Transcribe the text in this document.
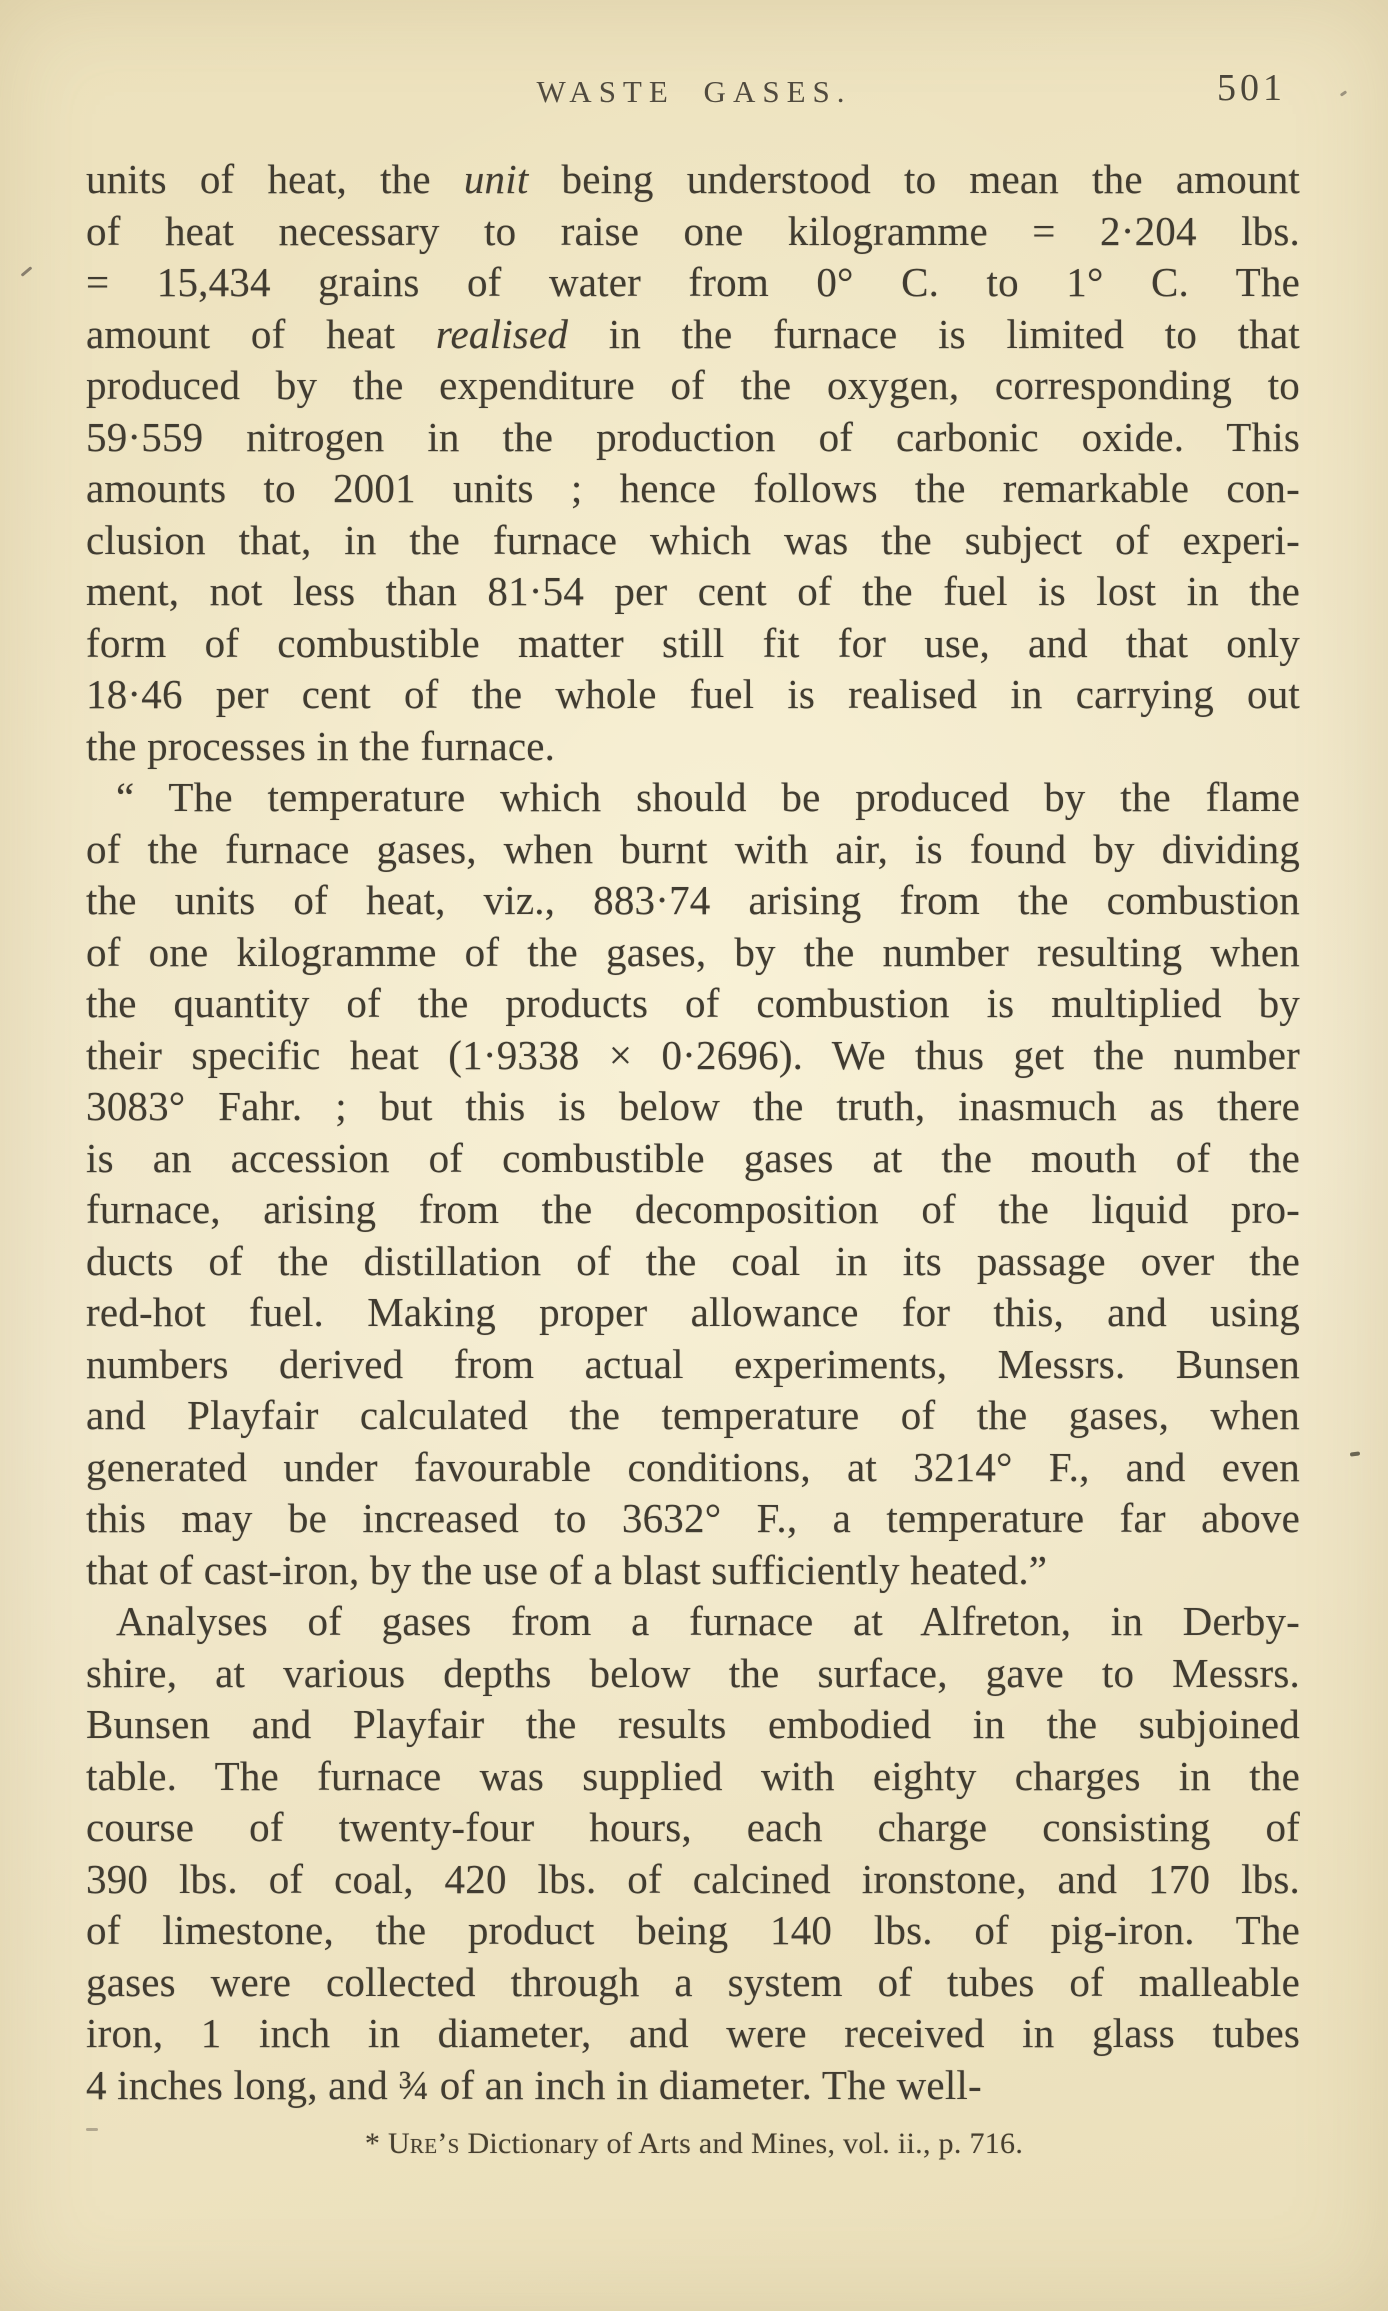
WASTE GASES.	501
units of heat, the unit being understood to mean the amount
of heat necessary to raise one kilogramme = 2·204 lbs.
= 15,434 grains of water from 0° C. to 1° C. The
amount of heat realised in the furnace is limited to that
produced by the expenditure of the oxygen, corresponding to
59·559 nitrogen in the production of carbonic oxide. This
amounts to 2001 units ; hence follows the remarkable con-
clusion that, in the furnace which was the subject of experi-
ment, not less than 81·54 per cent of the fuel is lost in the
form of combustible matter still fit for use, and that only
18·46 per cent of the whole fuel is realised in carrying out
the processes in the furnace.
“ The temperature which should be produced by the flame
of the furnace gases, when burnt with air, is found by dividing
the units of heat, viz., 883·74 arising from the combustion
of one kilogramme of the gases, by the number resulting when
the quantity of the products of combustion is multiplied by
their specific heat (1·9338 × 0·2696). We thus get the number
3083° Fahr. ; but this is below the truth, inasmuch as there
is an accession of combustible gases at the mouth of the
furnace, arising from the decomposition of the liquid pro-
ducts of the distillation of the coal in its passage over the
red-hot fuel. Making proper allowance for this, and using
numbers derived from actual experiments, Messrs. Bunsen
and Playfair calculated the temperature of the gases, when
generated under favourable conditions, at 3214° F., and even
this may be increased to 3632° F., a temperature far above
that of cast-iron, by the use of a blast sufficiently heated.”
Analyses of gases from a furnace at Alfreton, in Derby-
shire, at various depths below the surface, gave to Messrs.
Bunsen and Playfair the results embodied in the subjoined
table. The furnace was supplied with eighty charges in the
course of twenty-four hours, each charge consisting of
390 lbs. of coal, 420 lbs. of calcined ironstone, and 170 lbs.
of limestone, the product being 140 lbs. of pig-iron. The
gases were collected through a system of tubes of malleable
iron, 1 inch in diameter, and were received in glass tubes
4 inches long, and ¾ of an inch in diameter. The well-
* Ure’s Dictionary of Arts and Mines, vol. ii., p. 716.
